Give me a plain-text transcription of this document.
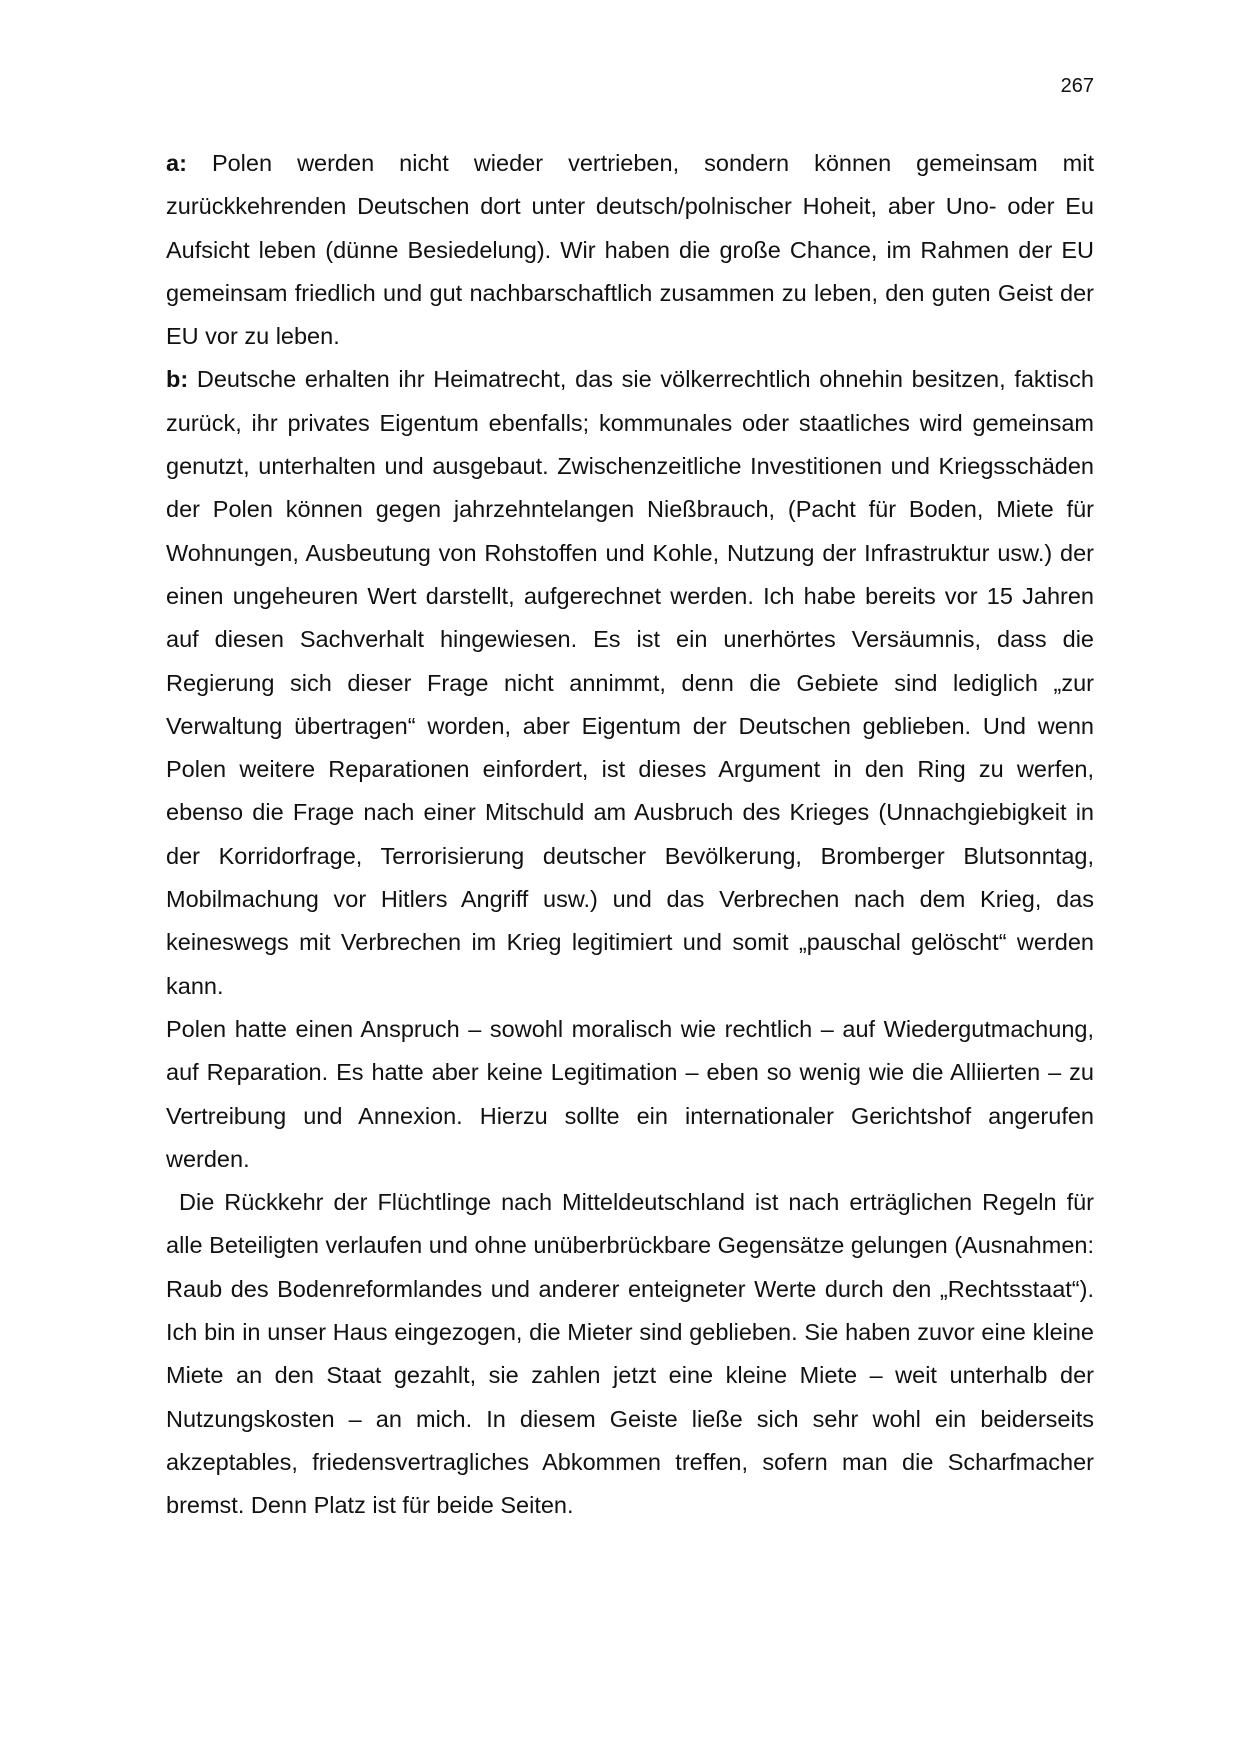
267

a: Polen werden nicht wieder vertrieben, sondern können gemeinsam mit zurückkehrenden Deutschen dort unter deutsch/polnischer Hoheit, aber Uno- oder Eu Aufsicht leben (dünne Besiedelung). Wir haben die große Chance, im Rahmen der EU gemeinsam friedlich und gut nachbarschaftlich zusammen zu leben, den guten Geist der EU vor zu leben.

b: Deutsche erhalten ihr Heimatrecht, das sie völkerrechtlich ohnehin besitzen, faktisch zurück, ihr privates Eigentum ebenfalls; kommunales oder staatliches wird gemeinsam genutzt, unterhalten und ausgebaut. Zwischenzeitliche Investitionen und Kriegsschäden der Polen können gegen jahrzehntelangen Nießbrauch, (Pacht für Boden, Miete für Wohnungen, Ausbeutung von Rohstoffen und Kohle, Nutzung der Infrastruktur usw.) der einen ungeheuren Wert darstellt, aufgerechnet werden. Ich habe bereits vor 15 Jahren auf diesen Sachverhalt hingewiesen. Es ist ein unerhörtes Versäumnis, dass die Regierung sich dieser Frage nicht annimmt, denn die Gebiete sind lediglich „zur Verwaltung übertragen“ worden, aber Eigentum der Deutschen geblieben. Und wenn Polen weitere Reparationen einfordert, ist dieses Argument in den Ring zu werfen, ebenso die Frage nach einer Mitschuld am Ausbruch des Krieges (Unnachgiebigkeit in der Korridorfrage, Terrorisierung deutscher Bevölkerung, Bromberger Blutsonntag, Mobilmachung vor Hitlers Angriff usw.) und das Verbrechen nach dem Krieg, das keineswegs mit Verbrechen im Krieg legitimiert und somit „pauschal gelöscht“ werden kann.

Polen hatte einen Anspruch – sowohl moralisch wie rechtlich – auf Wiedergutmachung, auf Reparation. Es hatte aber keine Legitimation – eben so wenig wie die Alliierten – zu Vertreibung und Annexion. Hierzu sollte ein internationaler Gerichtshof angerufen werden.

Die Rückkehr der Flüchtlinge nach Mitteldeutschland ist nach erträglichen Regeln für alle Beteiligten verlaufen und ohne unüberbrückbare Gegensätze gelungen (Ausnahmen: Raub des Bodenreformlandes und anderer enteigneter Werte durch den „Rechtsstaat“). Ich bin in unser Haus eingezogen, die Mieter sind geblieben. Sie haben zuvor eine kleine Miete an den Staat gezahlt, sie zahlen jetzt eine kleine Miete – weit unterhalb der Nutzungskosten – an mich. In diesem Geiste ließe sich sehr wohl ein beiderseits akzeptables, friedensvertragliches Abkommen treffen, sofern man die Scharfmacher bremst. Denn Platz ist für beide Seiten.
